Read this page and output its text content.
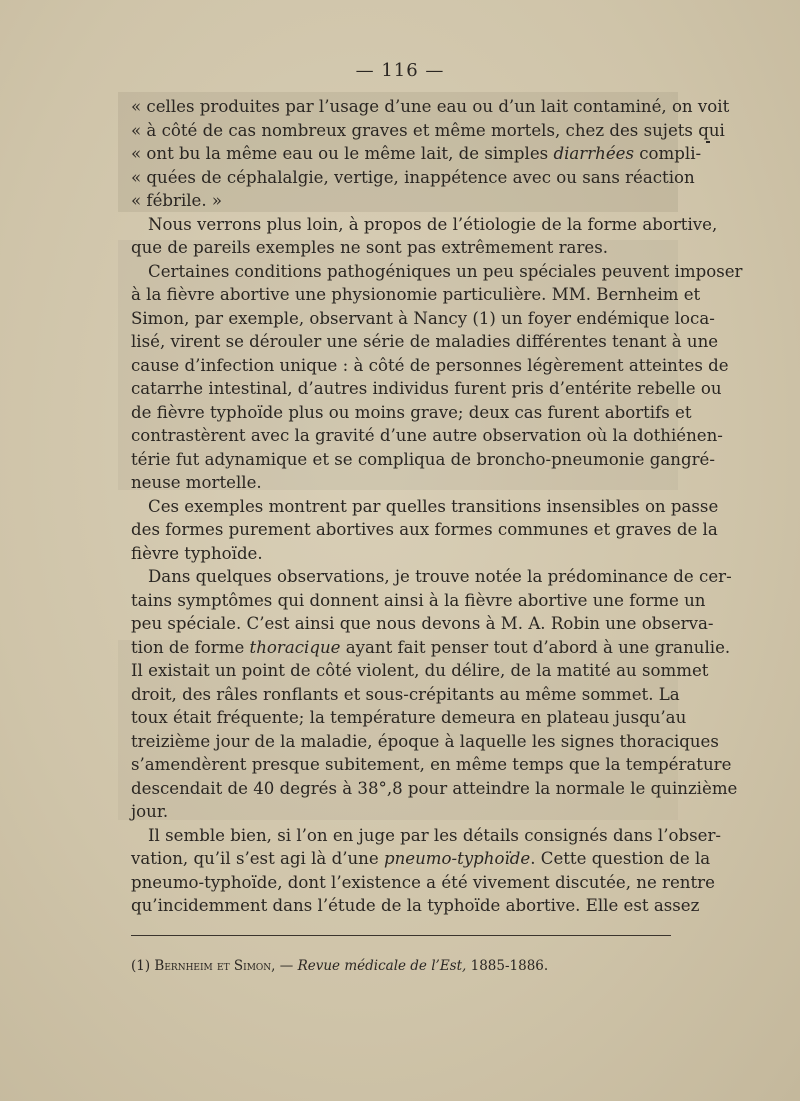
— 116 —
« celles produites par l’usage d’une eau ou d’un lait contaminé, on voit
« à côté de cas nombreux graves et même mortels, chez des sujets qui
« ont bu la même eau ou le même lait, de simples diarrhées compli-
« quées de céphalalgie, vertige, inappétence avec ou sans réaction
« fébrile. »
Nous verrons plus loin, à propos de l’étiologie de la forme abortive,
que de pareils exemples ne sont pas extrêmement rares.
Certaines conditions pathogéniques un peu spéciales peuvent imposer
à la fièvre abortive une physionomie particulière. MM. Bernheim et
Simon, par exemple, observant à Nancy (1) un foyer endémique loca-
lisé, virent se dérouler une série de maladies différentes tenant à une
cause d’infection unique : à côté de personnes légèrement atteintes de
catarrhe intestinal, d’autres individus furent pris d’entérite rebelle ou
de fièvre typhoïde plus ou moins grave; deux cas furent abortifs et
contrastèrent avec la gravité d’une autre observation où la dothiénen-
térie fut adynamique et se compliqua de broncho-pneumonie gangré-
neuse mortelle.
Ces exemples montrent par quelles transitions insensibles on passe
des formes purement abortives aux formes communes et graves de la
fièvre typhoïde.
Dans quelques observations, je trouve notée la prédominance de cer-
tains symptômes qui donnent ainsi à la fièvre abortive une forme un
peu spéciale. C’est ainsi que nous devons à M. A. Robin une observa-
tion de forme thoracique ayant fait penser tout d’abord à une granulie.
Il existait un point de côté violent, du délire, de la matité au sommet
droit, des râles ronflants et sous-crépitants au même sommet. La
toux était fréquente; la température demeura en plateau jusqu’au
treizième jour de la maladie, époque à laquelle les signes thoraciques
s’amendèrent presque subitement, en même temps que la température
descendait de 40 degrés à 38°,8 pour atteindre la normale le quinzième
jour.
Il semble bien, si l’on en juge par les détails consignés dans l’obser-
vation, qu’il s’est agi là d’une pneumo-typhoïde. Cette question de la
pneumo-typhoïde, dont l’existence a été vivement discutée, ne rentre
qu’incidemment dans l’étude de la typhoïde abortive. Elle est assez
(1) Bernheim et Simon, — Revue médicale de l’Est, 1885-1886.
